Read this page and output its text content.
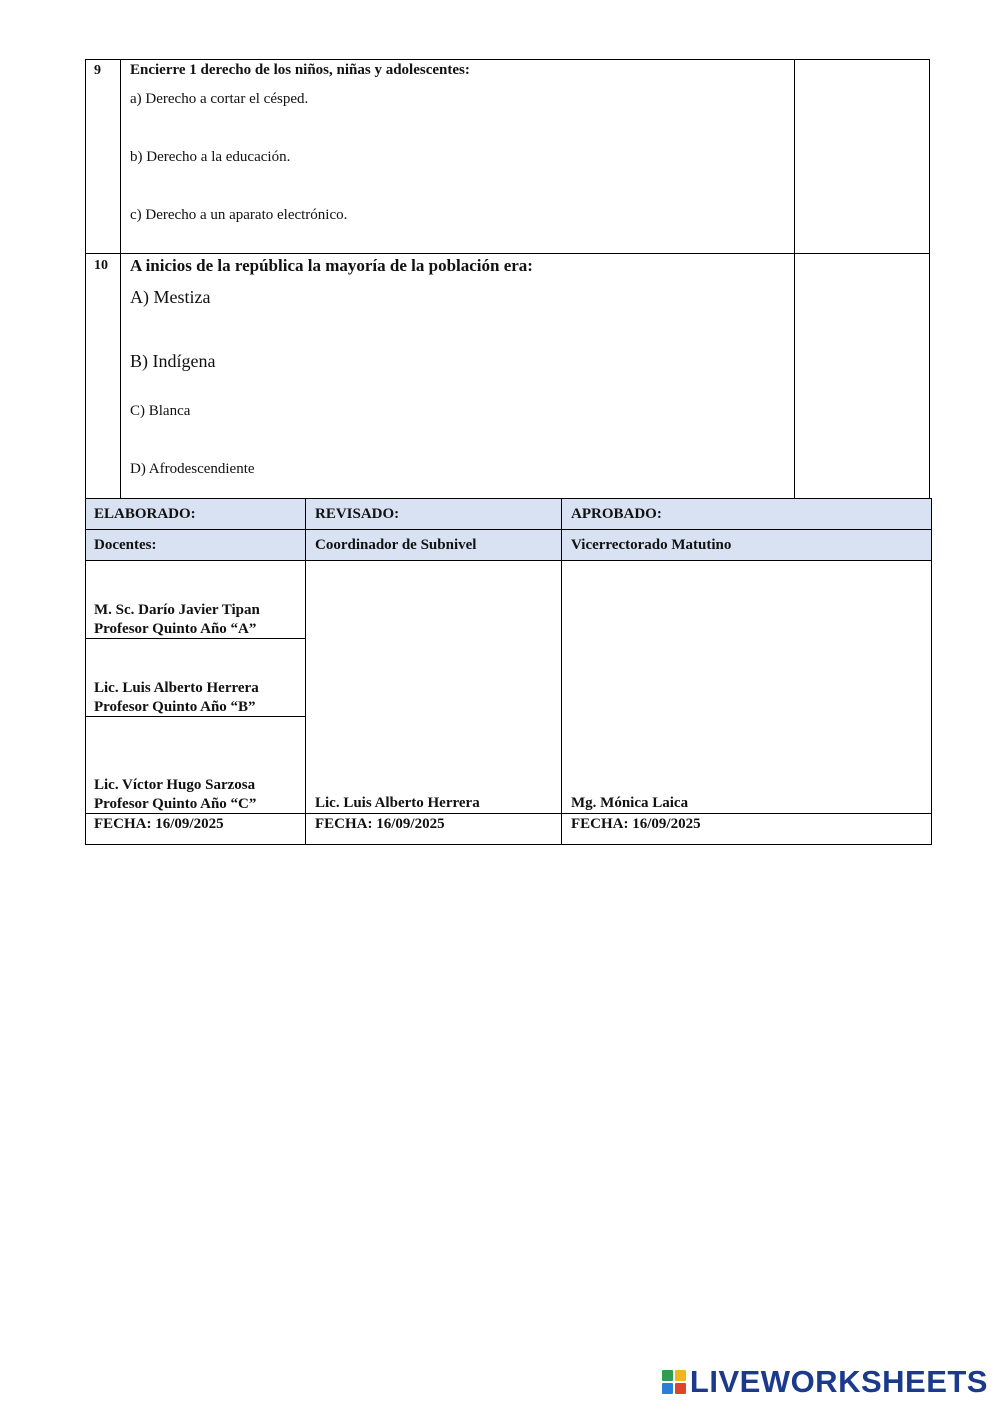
9 Encierre 1 derecho de los niños, niñas y adolescentes:
a) Derecho a cortar el césped.
b) Derecho a la educación.
c) Derecho a un aparato electrónico.
10 A inicios de la república la mayoría de la población era:
A) Mestiza
B) Indígena
C) Blanca
D) Afrodescendiente
ELABORADO:	REVISADO:	APROBADO:
Docentes:	Coordinador de Subnivel	Vicerrectorado Matutino
M. Sc. Darío Javier Tipan
Profesor Quinto Año “A”
Lic. Luis Alberto Herrera
Profesor Quinto Año “B”
Lic. Víctor Hugo Sarzosa
Profesor Quinto Año “C”	Lic. Luis Alberto Herrera	Mg. Mónica Laica
FECHA: 16/09/2025	FECHA: 16/09/2025	FECHA: 16/09/2025
LIVEWORKSHEETS
